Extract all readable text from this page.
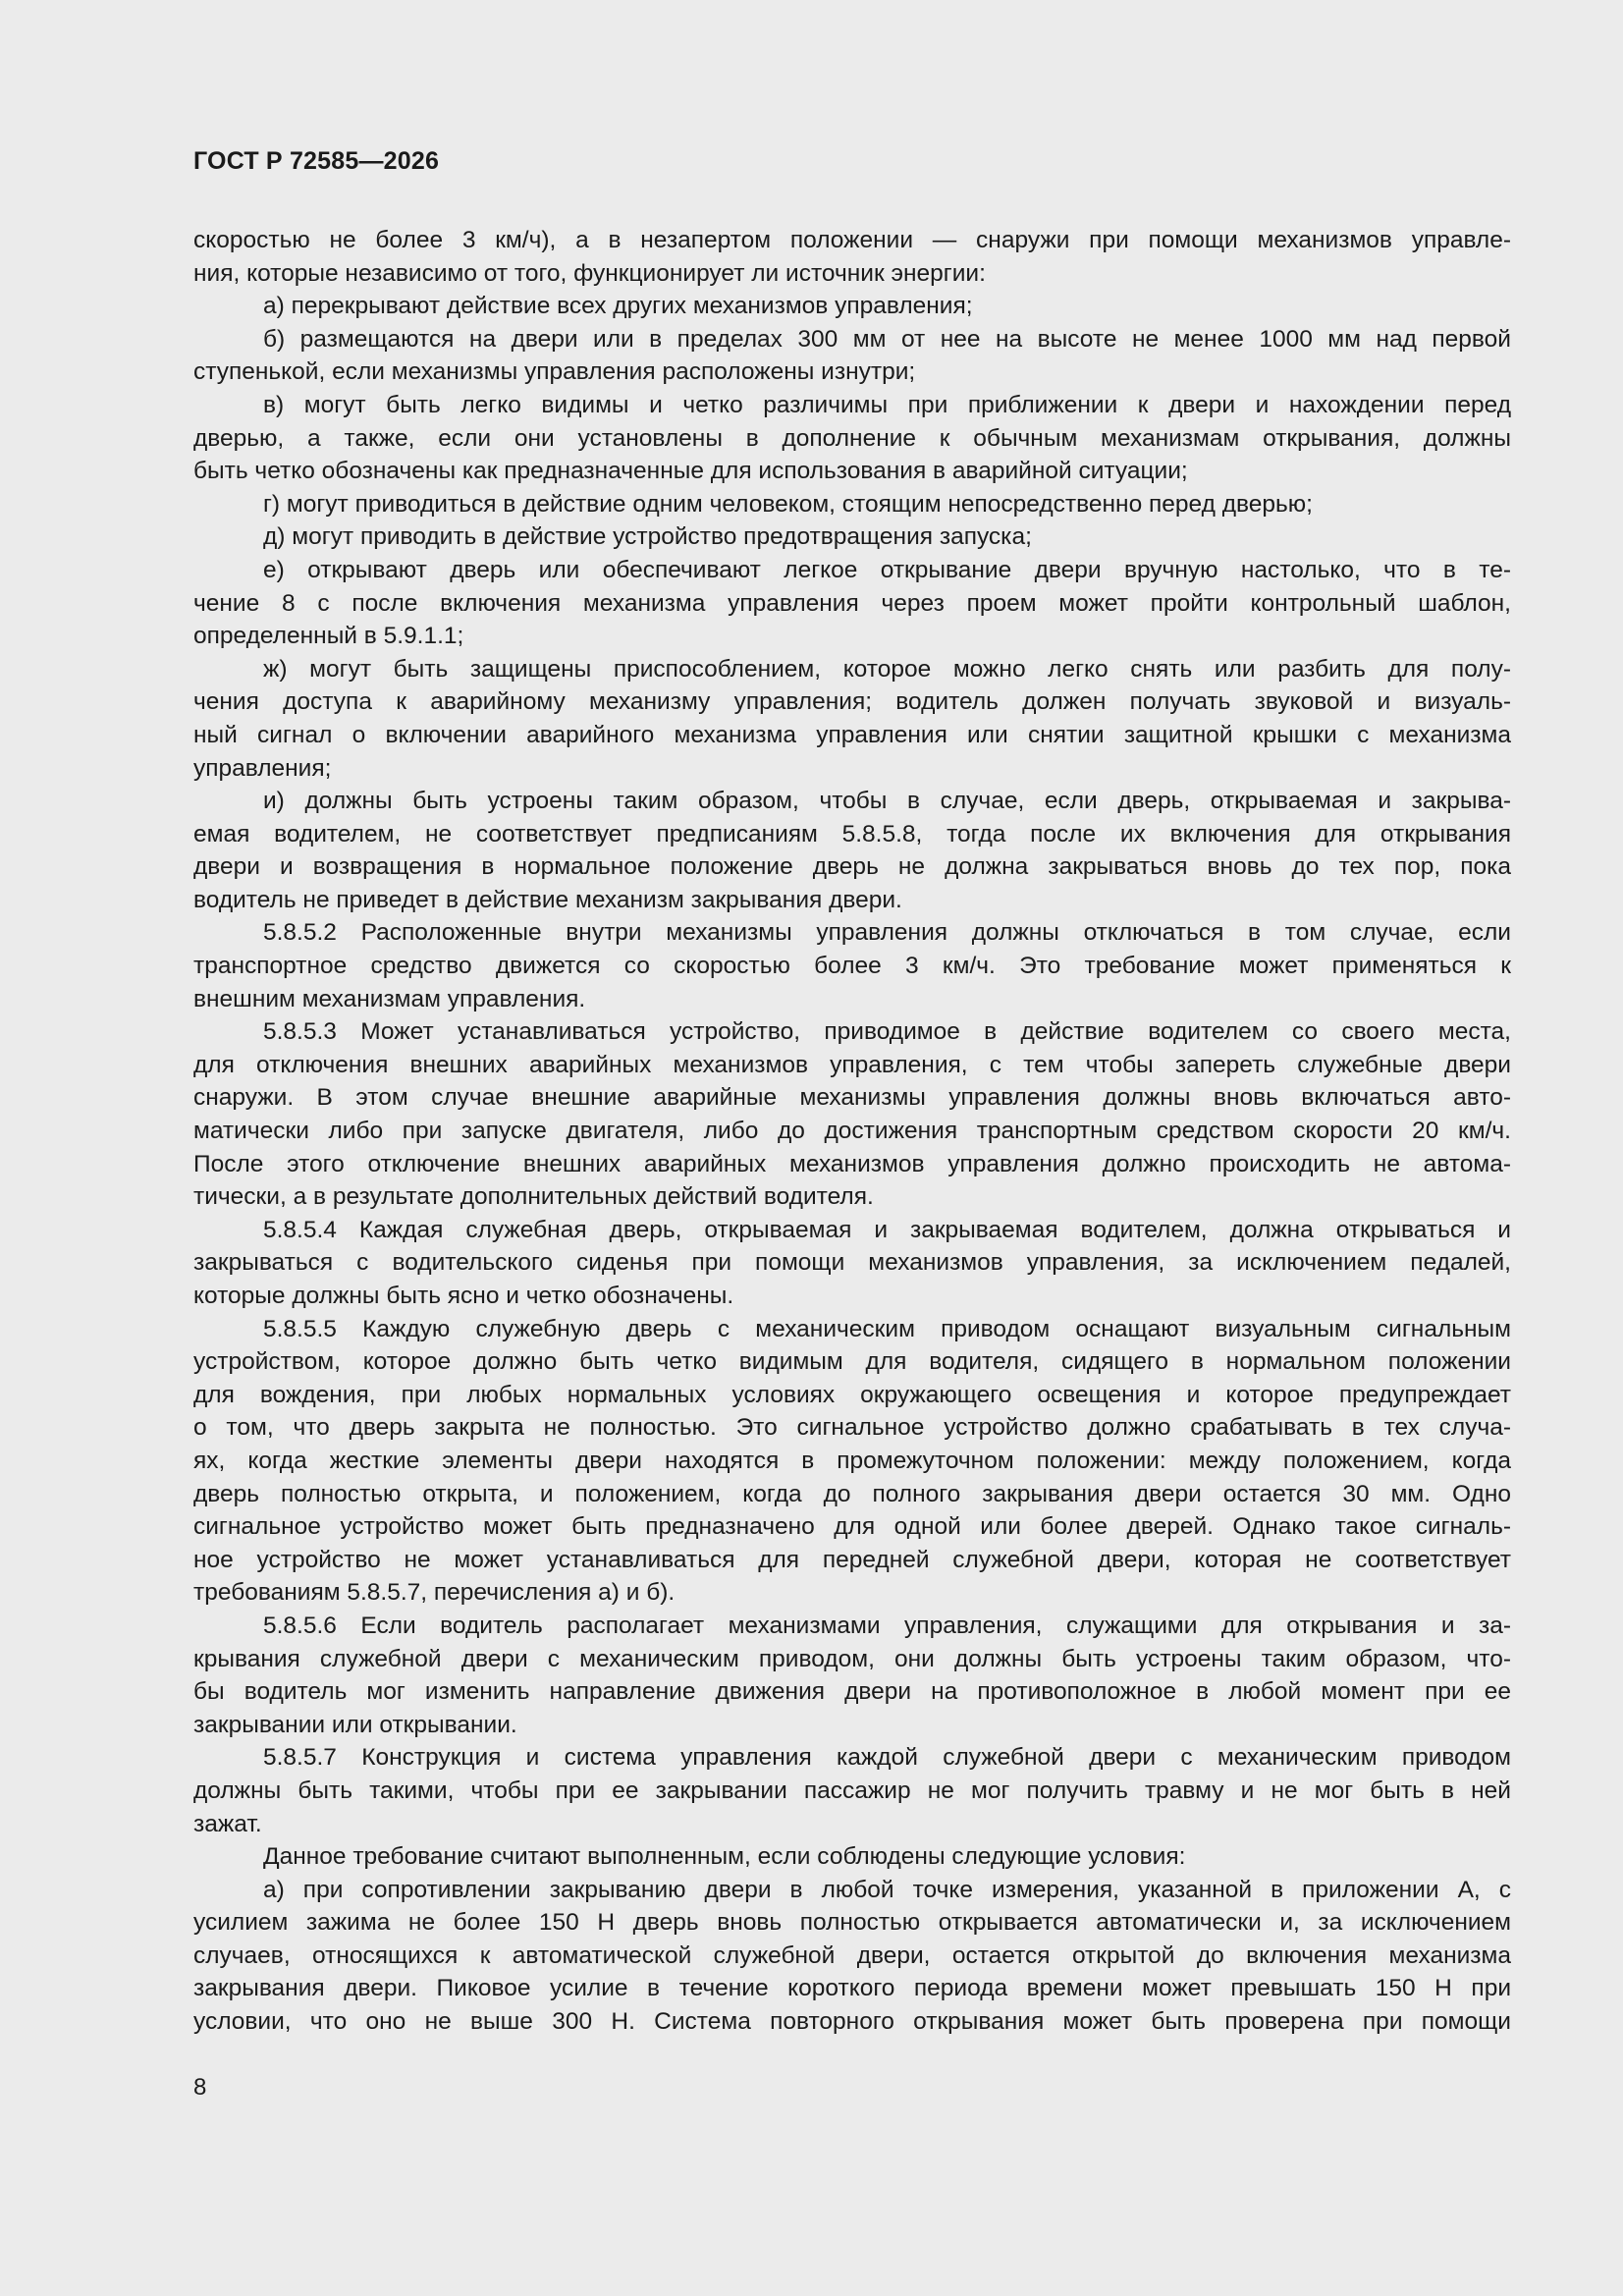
ГОСТ Р 72585—2026
скоростью не более 3 км/ч), а в незапертом положении — снаружи при помощи механизмов управле-
ния, которые независимо от того, функционирует ли источник энергии:
а) перекрывают действие всех других механизмов управления;
б) размещаются на двери или в пределах 300 мм от нее на высоте не менее 1000 мм над первой
ступенькой, если механизмы управления расположены изнутри;
в) могут быть легко видимы и четко различимы при приближении к двери и нахождении перед
дверью, а также, если они установлены в дополнение к обычным механизмам открывания, должны
быть четко обозначены как предназначенные для использования в аварийной ситуации;
г) могут приводиться в действие одним человеком, стоящим непосредственно перед дверью;
д) могут приводить в действие устройство предотвращения запуска;
е) открывают дверь или обеспечивают легкое открывание двери вручную настолько, что в те-
чение 8 с после включения механизма управления через проем может пройти контрольный шаблон,
определенный в 5.9.1.1;
ж) могут быть защищены приспособлением, которое можно легко снять или разбить для полу-
чения доступа к аварийному механизму управления; водитель должен получать звуковой и визуаль-
ный сигнал о включении аварийного механизма управления или снятии защитной крышки с механизма
управления;
и) должны быть устроены таким образом, чтобы в случае, если дверь, открываемая и закрыва-
емая водителем, не соответствует предписаниям 5.8.5.8, тогда после их включения для открывания
двери и возвращения в нормальное положение дверь не должна закрываться вновь до тех пор, пока
водитель не приведет в действие механизм закрывания двери.
5.8.5.2 Расположенные внутри механизмы управления должны отключаться в том случае, если
транспортное средство движется со скоростью более 3 км/ч. Это требование может применяться к
внешним механизмам управления.
5.8.5.3 Может устанавливаться устройство, приводимое в действие водителем со своего места,
для отключения внешних аварийных механизмов управления, с тем чтобы запереть служебные двери
снаружи. В этом случае внешние аварийные механизмы управления должны вновь включаться авто-
матически либо при запуске двигателя, либо до достижения транспортным средством скорости 20 км/ч.
После этого отключение внешних аварийных механизмов управления должно происходить не автома-
тически, а в результате дополнительных действий водителя.
5.8.5.4 Каждая служебная дверь, открываемая и закрываемая водителем, должна открываться и
закрываться с водительского сиденья при помощи механизмов управления, за исключением педалей,
которые должны быть ясно и четко обозначены.
5.8.5.5 Каждую служебную дверь с механическим приводом оснащают визуальным сигнальным
устройством, которое должно быть четко видимым для водителя, сидящего в нормальном положении
для вождения, при любых нормальных условиях окружающего освещения и которое предупреждает
о том, что дверь закрыта не полностью. Это сигнальное устройство должно срабатывать в тех случа-
ях, когда жесткие элементы двери находятся в промежуточном положении: между положением, когда
дверь полностью открыта, и положением, когда до полного закрывания двери остается 30 мм. Одно
сигнальное устройство может быть предназначено для одной или более дверей. Однако такое сигналь-
ное устройство не может устанавливаться для передней служебной двери, которая не соответствует
требованиям 5.8.5.7, перечисления а) и б).
5.8.5.6 Если водитель располагает механизмами управления, служащими для открывания и за-
крывания служебной двери с механическим приводом, они должны быть устроены таким образом, что-
бы водитель мог изменить направление движения двери на противоположное в любой момент при ее
закрывании или открывании.
5.8.5.7 Конструкция и система управления каждой служебной двери с механическим приводом
должны быть такими, чтобы при ее закрывании пассажир не мог получить травму и не мог быть в ней
зажат.
Данное требование считают выполненным, если соблюдены следующие условия:
а) при сопротивлении закрыванию двери в любой точке измерения, указанной в приложении А, с
усилием зажима не более 150 Н дверь вновь полностью открывается автоматически и, за исключением
случаев, относящихся к автоматической служебной двери, остается открытой до включения механизма
закрывания двери. Пиковое усилие в течение короткого периода времени может превышать 150 Н при
условии, что оно не выше 300 Н. Система повторного открывания может быть проверена при помощи
8
